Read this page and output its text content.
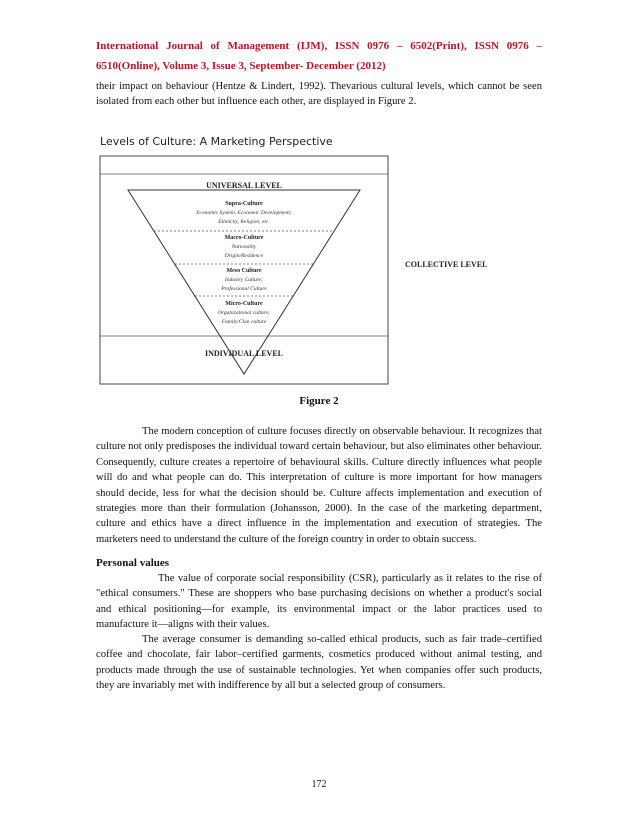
International Journal of Management (IJM), ISSN 0976 – 6502(Print), ISSN 0976 –
6510(Online), Volume 3, Issue 3, September- December (2012)
their impact on behaviour (Hentze & Lindert, 1992). Thevarious cultural levels, which cannot be seen isolated from each other but influence each other, are displayed in Figure 2.
Levels of Culture: A Marketing Perspective
UNIVERSAL LEVEL
Supra-Culture
Economic System, Economic Development;
Ethnicity, Religion, etc.
Macro-Culture
Nationality
Origin/Residence
Meso Culture
Industry Culture;
Professional Culture
Micro-Culture
Organizational culture;
Family/Clan culture
INDIVIDUAL LEVEL
COLLECTIVE LEVEL
Figure 2
The modern conception of culture focuses directly on observable behaviour. It recognizes that culture not only predisposes the individual toward certain behaviour, but also eliminates other behaviour. Consequently, culture creates a repertoire of behavioural skills. Culture directly influences what people will do and what people can do. This interpretation of culture is more important for how managers should decide, less for what the decision should be. Culture affects implementation and execution of strategies more than their formulation (Johansson, 2000). In the case of the marketing department, culture and ethics have a direct influence in the implementation and execution of strategies. The marketers need to understand the culture of the foreign country in order to obtain success.
Personal values
The value of corporate social responsibility (CSR), particularly as it relates to the rise of "ethical consumers." These are shoppers who base purchasing decisions on whether a product's social and ethical positioning—for example, its environmental impact or the labor practices used to manufacture it—aligns with their values.
The average consumer is demanding so-called ethical products, such as fair trade–certified coffee and chocolate, fair labor–certified garments, cosmetics produced without animal testing, and products made through the use of sustainable technologies. Yet when companies offer such products, they are invariably met with indifference by all but a selected group of consumers.
172
